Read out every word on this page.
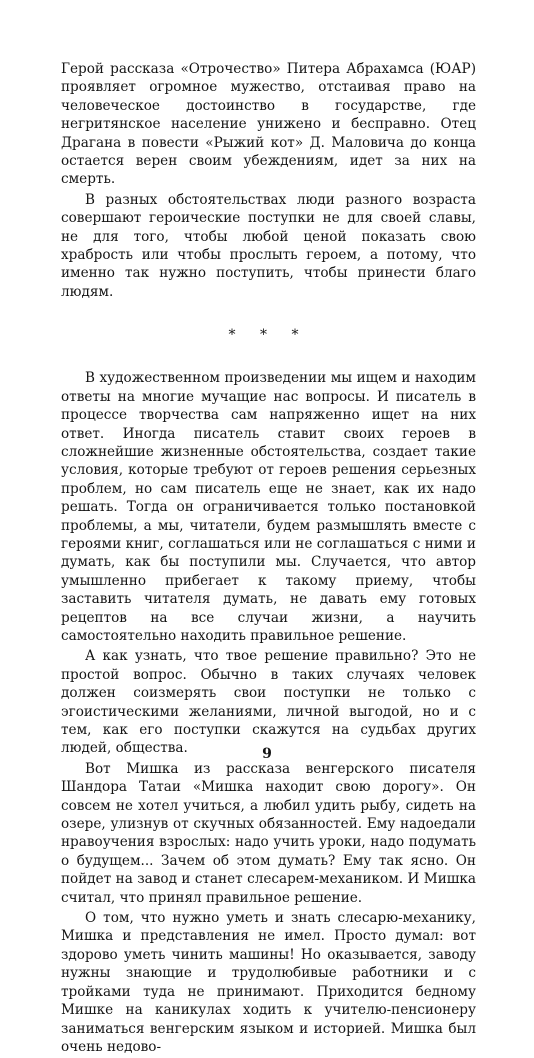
Герой рассказа «Отрочество» Питера Абрахамса (ЮАР) проявляет огромное мужество, отстаивая право на человеческое достоинство в государстве, где негритянское население унижено и бесправно. Отец Драгана в повести «Рыжий кот» Д. Маловича до конца остается верен своим убеждениям, идет за них на смерть.

В разных обстоятельствах люди разного возраста совершают героические поступки не для своей славы, не для того, чтобы любой ценой показать свою храбрость или чтобы прослыть героем, а потому, что именно так нужно поступить, чтобы принести благо людям.

* * *

В художественном произведении мы ищем и находим ответы на многие мучащие нас вопросы. И писатель в процессе творчества сам напряженно ищет на них ответ. Иногда писатель ставит своих героев в сложнейшие жизненные обстоятельства, создает такие условия, которые требуют от героев решения серьезных проблем, но сам писатель еще не знает, как их надо решать. Тогда он ограничивается только постановкой проблемы, а мы, читатели, будем размышлять вместе с героями книг, соглашаться или не соглашаться с ними и думать, как бы поступили мы. Случается, что автор умышленно прибегает к такому приему, чтобы заставить читателя думать, не давать ему готовых рецептов на все случаи жизни, а научить самостоятельно находить правильное решение.

А как узнать, что твое решение правильно? Это не простой вопрос. Обычно в таких случаях человек должен соизмерять свои поступки не только с эгоистическими желаниями, личной выгодой, но и с тем, как его поступки скажутся на судьбах других людей, общества.

Вот Мишка из рассказа венгерского писателя Шандора Татаи «Мишка находит свою дорогу». Он совсем не хотел учиться, а любил удить рыбу, сидеть на озере, улизнув от скучных обязанностей. Ему надоедали нравоучения взрослых: надо учить уроки, надо подумать о будущем... Зачем об этом думать? Ему так ясно. Он пойдет на завод и станет слесарем-механиком. И Мишка считал, что принял правильное решение.

О том, что нужно уметь и знать слесарю-механику, Мишка и представления не имел. Просто думал: вот здорово уметь чинить машины! Но оказывается, заводу нужны знающие и трудолюбивые работники и с тройками туда не принимают. Приходится бедному Мишке на каникулах ходить к учителю-пенсионеру заниматься венгерским языком и историей. Мишка был очень недово-

9
